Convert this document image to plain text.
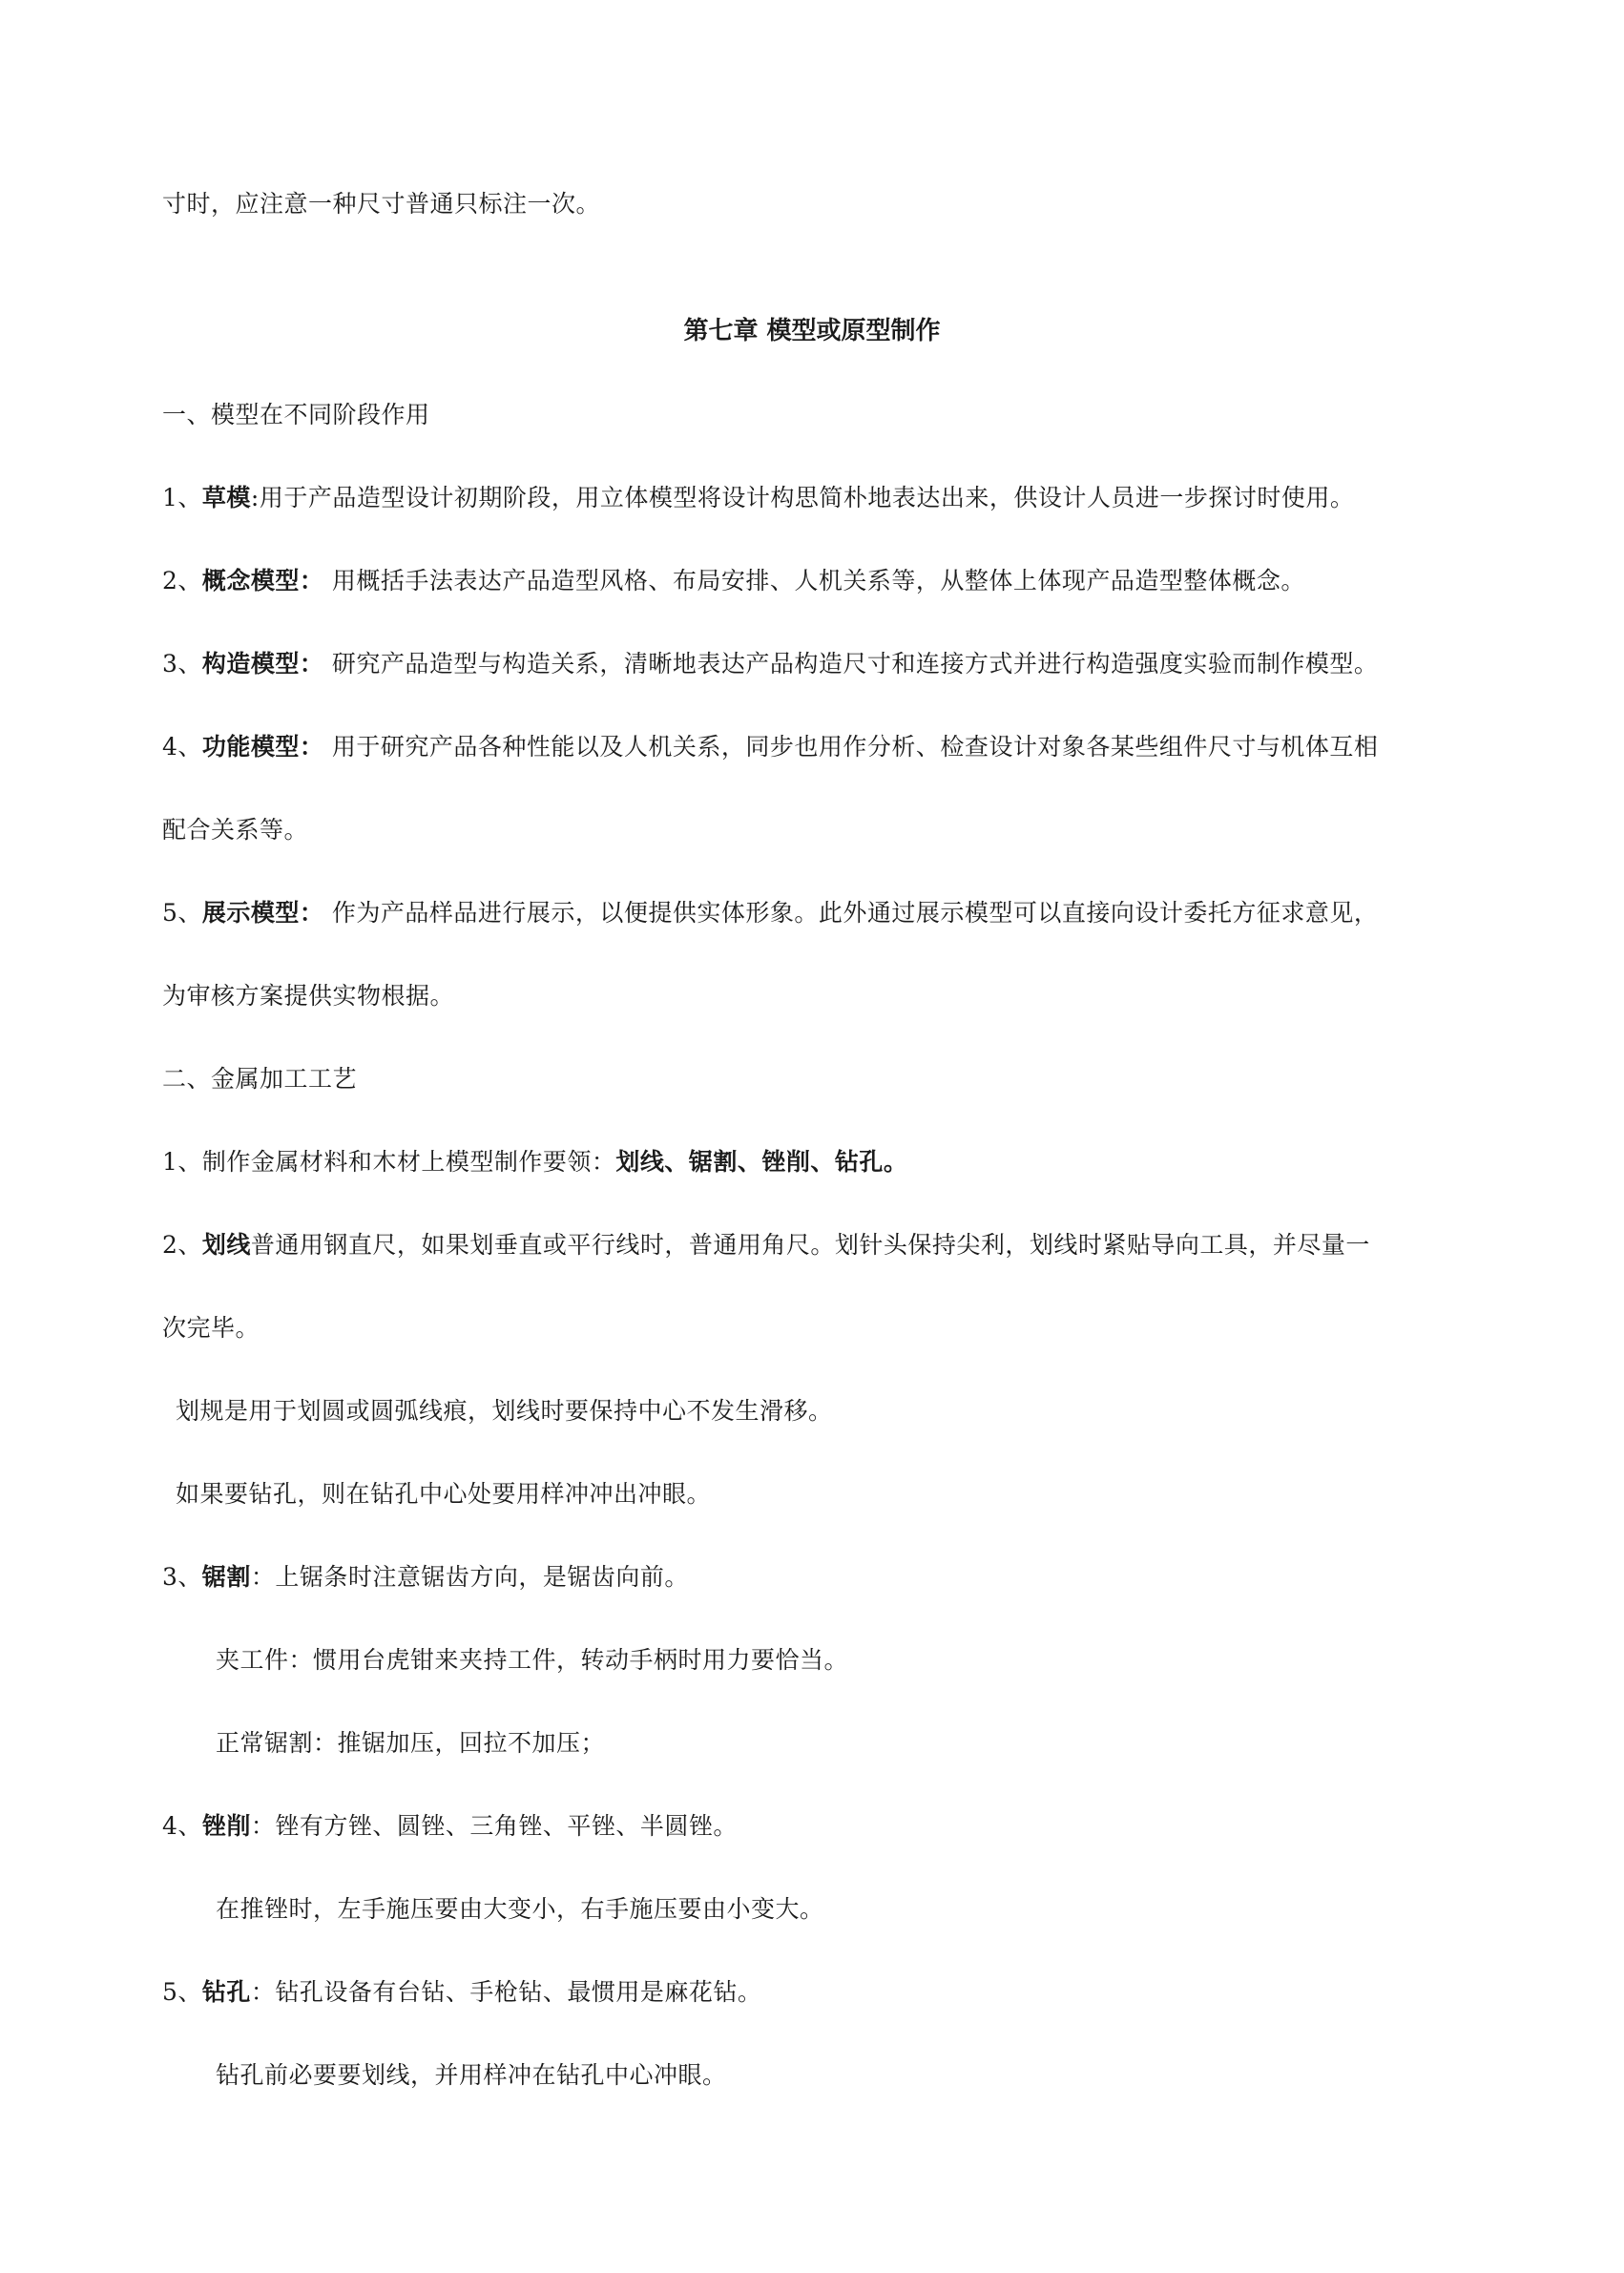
寸时，应注意一种尺寸普通只标注一次。
第七章 模型或原型制作
一、模型在不同阶段作用
1、草模:用于产品造型设计初期阶段，用立体模型将设计构思简朴地表达出来，供设计人员进一步探讨时使用。
2、概念模型： 用概括手法表达产品造型风格、布局安排、人机关系等，从整体上体现产品造型整体概念。
3、构造模型： 研究产品造型与构造关系，清晰地表达产品构造尺寸和连接方式并进行构造强度实验而制作模型。
4、功能模型： 用于研究产品各种性能以及人机关系，同步也用作分析、检查设计对象各某些组件尺寸与机体互相
配合关系等。
5、展示模型： 作为产品样品进行展示，以便提供实体形象。此外通过展示模型可以直接向设计委托方征求意见，
为审核方案提供实物根据。
二、金属加工工艺
1、制作金属材料和木材上模型制作要领：划线、锯割、锉削、钻孔。
2、划线普通用钢直尺，如果划垂直或平行线时，普通用角尺。划针头保持尖利，划线时紧贴导向工具，并尽量一
次完毕。
划规是用于划圆或圆弧线痕，划线时要保持中心不发生滑移。
如果要钻孔，则在钻孔中心处要用样冲冲出冲眼。
3、锯割：上锯条时注意锯齿方向，是锯齿向前。
夹工件：惯用台虎钳来夹持工件，转动手柄时用力要恰当。
正常锯割：推锯加压，回拉不加压；
4、锉削：锉有方锉、圆锉、三角锉、平锉、半圆锉。
在推锉时，左手施压要由大变小，右手施压要由小变大。
5、钻孔：钻孔设备有台钻、手枪钻、最惯用是麻花钻。
钻孔前必要要划线，并用样冲在钻孔中心冲眼。
